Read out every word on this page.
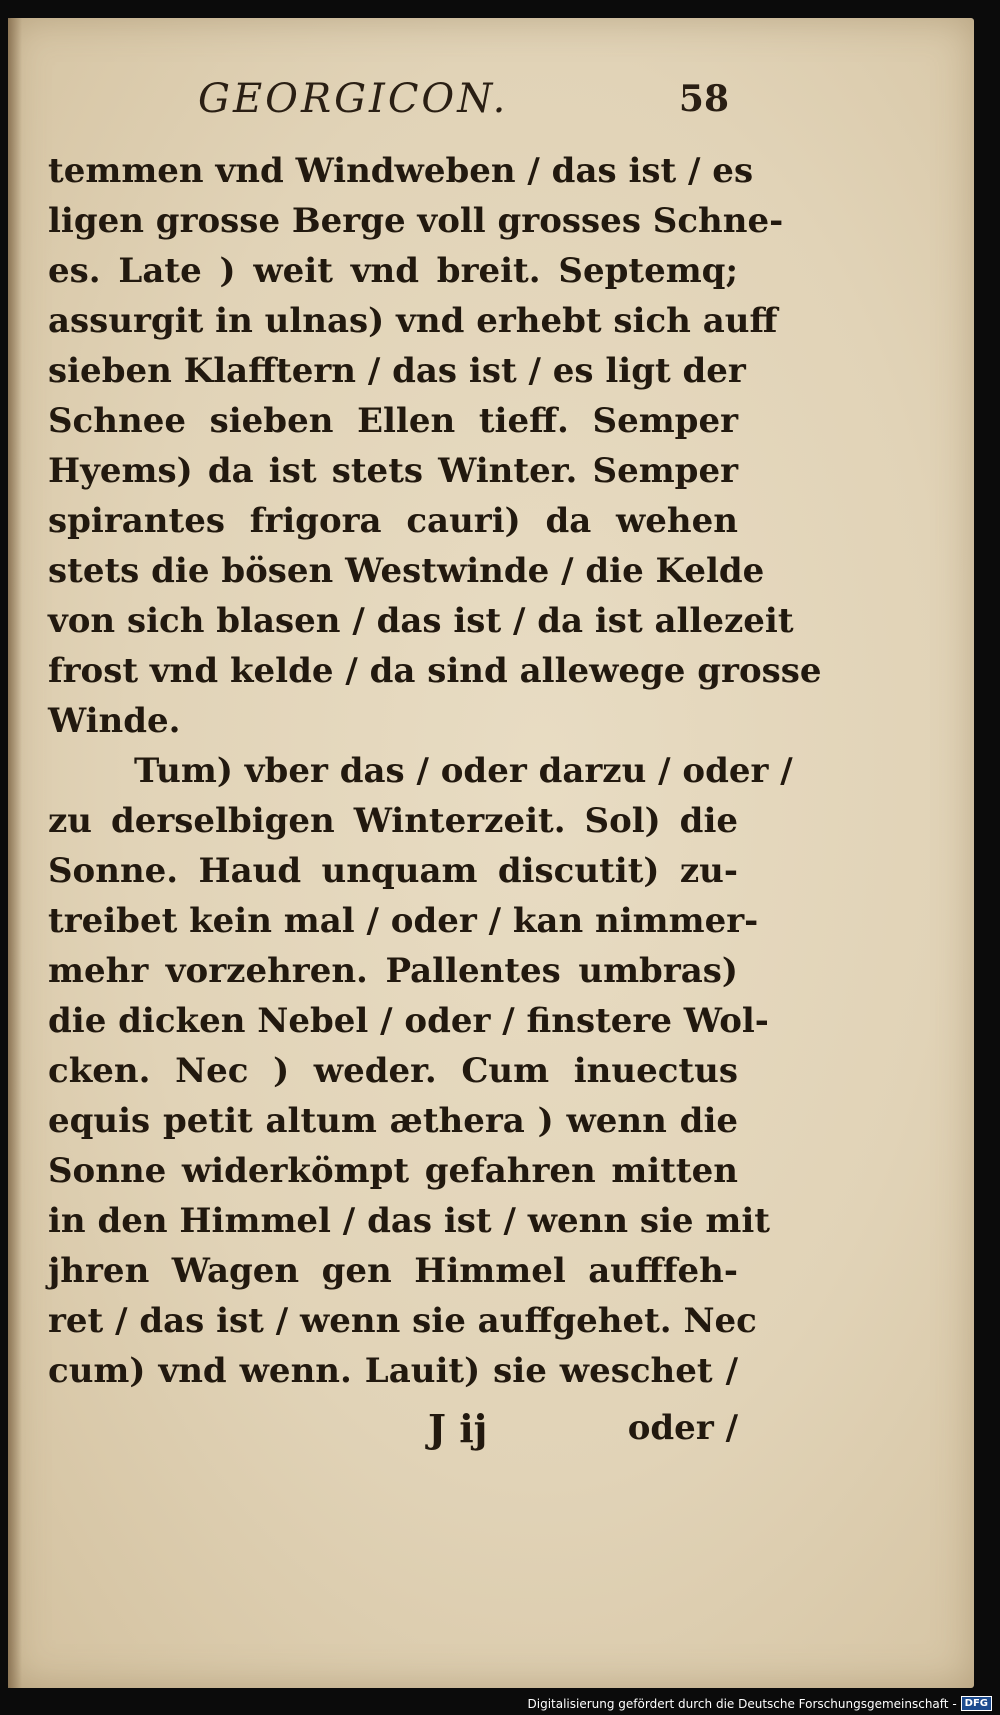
GEORGICON.	58
temmen vnd Windweben / das ist / es
ligen grosse Berge voll grosses Schne-
es. Late ) weit vnd breit. Septemq;
assurgit in ulnas) vnd erhebt sich auff
sieben Klafftern / das ist / es ligt der
Schnee sieben Ellen tieff. Semper
Hyems) da ist stets Winter. Semper
spirantes frigora cauri) da wehen
stets die bösen Westwinde / die Kelde
von sich blasen / das ist / da ist allezeit
frost vnd kelde / da sind allewege grosse
Winde.
Tum) vber das / oder darzu / oder /
zu derselbigen Winterzeit. Sol) die
Sonne. Haud unquam discutit) zu-
treibet kein mal / oder / kan nimmer-
mehr vorzehren. Pallentes umbras)
die dicken Nebel / oder / finstere Wol-
cken. Nec ) weder. Cum inuectus
equis petit altum æthera ) wenn die
Sonne widerkömpt gefahren mitten
in den Himmel / das ist / wenn sie mit
jhren Wagen gen Himmel aufffeh-
ret / das ist / wenn sie auffgehet. Nec
cum) vnd wenn. Lauit) sie weschet /
J ij	oder /
Digitalisierung gefördert durch die Deutsche Forschungsgemeinschaft - DFG
